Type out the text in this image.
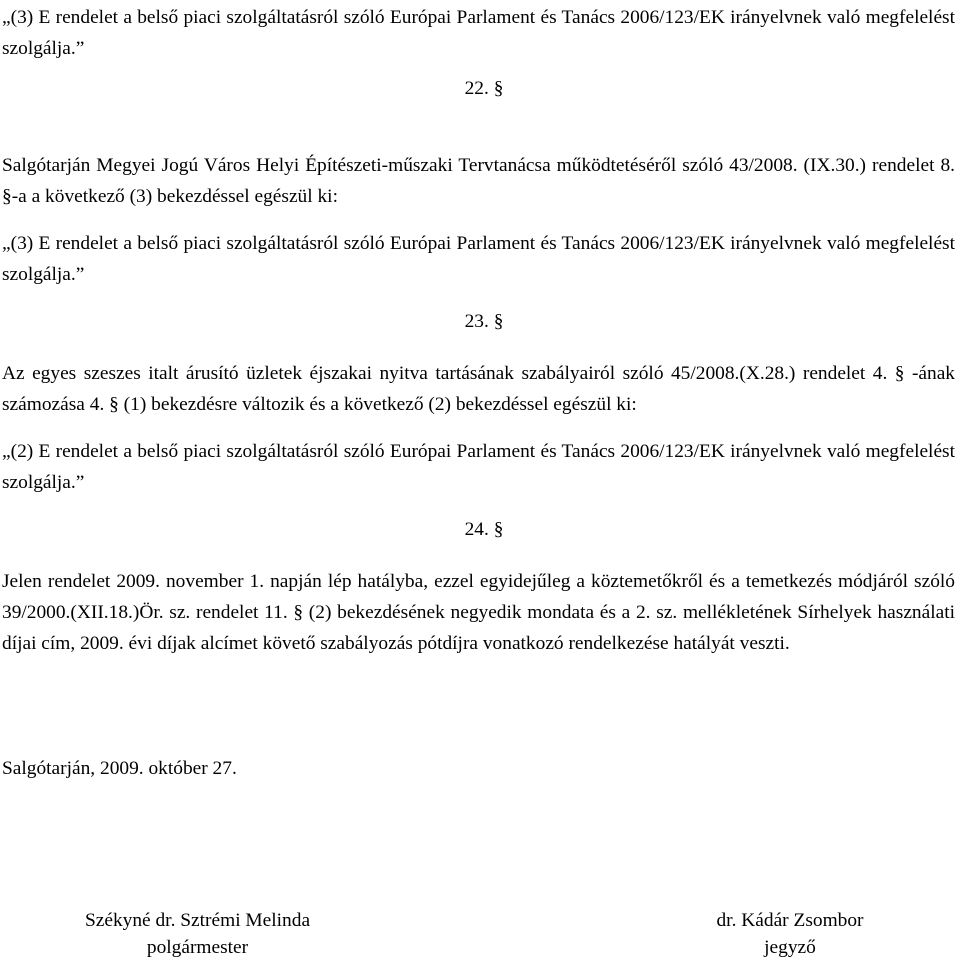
„(3) E rendelet a belső piaci szolgáltatásról szóló Európai Parlament és Tanács 2006/123/EK irányelvnek való megfelelést szolgálja.”

22. §

Salgótarján Megyei Jogú Város Helyi Építészeti-műszaki Tervtanácsa működtetéséről szóló 43/2008. (IX.30.) rendelet 8. §-a a következő (3) bekezdéssel egészül ki:

„(3) E rendelet a belső piaci szolgáltatásról szóló Európai Parlament és Tanács 2006/123/EK irányelvnek való megfelelést szolgálja.”

23. §

Az egyes szeszes italt árusító üzletek éjszakai nyitva tartásának szabályairól szóló 45/2008.(X.28.) rendelet 4. § -ának számozása 4. § (1) bekezdésre változik és a következő (2) bekezdéssel egészül ki:

„(2) E rendelet a belső piaci szolgáltatásról szóló Európai Parlament és Tanács 2006/123/EK irányelvnek való megfelelést szolgálja.”

24. §

Jelen rendelet 2009. november 1. napján lép hatályba, ezzel egyidejűleg a köztemetőkről és a temetkezés módjáról szóló 39/2000.(XII.18.)Ör. sz. rendelet 11. § (2) bekezdésének negyedik mondata és a 2. sz. mellékletének Sírhelyek használati díjai cím, 2009. évi díjak alcímet követő szabályozás pótdíjra vonatkozó rendelkezése hatályát veszti.

Salgótarján, 2009. október 27.

Székyné dr. Sztrémi Melinda
polgármester
dr. Kádár Zsombor
jegyző
